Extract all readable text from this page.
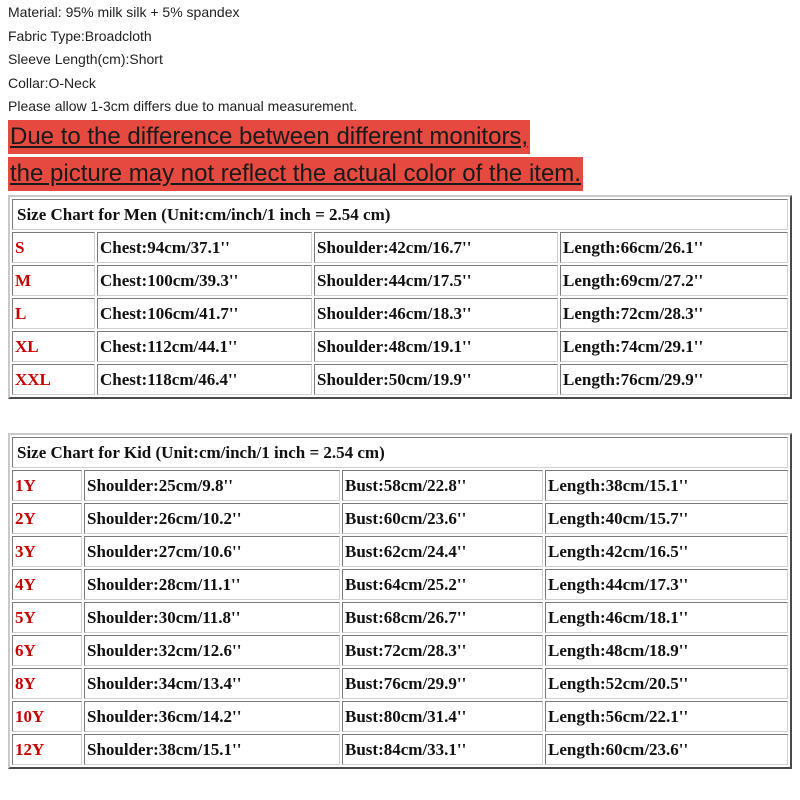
Material: 95% milk silk + 5% spandex
Fabric Type:Broadcloth
Sleeve Length(cm):Short
Collar:O-Neck
Please allow 1-3cm differs due to manual measurement.
Due to the difference between different monitors,
the picture may not reflect the actual color of the item.
Size Chart for Men (Unit:cm/inch/1 inch = 2.54 cm)			
S	Chest:94cm/37.1''	Shoulder:42cm/16.7''	Length:66cm/26.1''
M	Chest:100cm/39.3''	Shoulder:44cm/17.5''	Length:69cm/27.2''
L	Chest:106cm/41.7''	Shoulder:46cm/18.3''	Length:72cm/28.3''
XL	Chest:112cm/44.1''	Shoulder:48cm/19.1''	Length:74cm/29.1''
XXL	Chest:118cm/46.4''	Shoulder:50cm/19.9''	Length:76cm/29.9''
Size Chart for Kid (Unit:cm/inch/1 inch = 2.54 cm)			
1Y	Shoulder:25cm/9.8''	Bust:58cm/22.8''	Length:38cm/15.1''
2Y	Shoulder:26cm/10.2''	Bust:60cm/23.6''	Length:40cm/15.7''
3Y	Shoulder:27cm/10.6''	Bust:62cm/24.4''	Length:42cm/16.5''
4Y	Shoulder:28cm/11.1''	Bust:64cm/25.2''	Length:44cm/17.3''
5Y	Shoulder:30cm/11.8''	Bust:68cm/26.7''	Length:46cm/18.1''
6Y	Shoulder:32cm/12.6''	Bust:72cm/28.3''	Length:48cm/18.9''
8Y	Shoulder:34cm/13.4''	Bust:76cm/29.9''	Length:52cm/20.5''
10Y	Shoulder:36cm/14.2''	Bust:80cm/31.4''	Length:56cm/22.1''
12Y	Shoulder:38cm/15.1''	Bust:84cm/33.1''	Length:60cm/23.6''
